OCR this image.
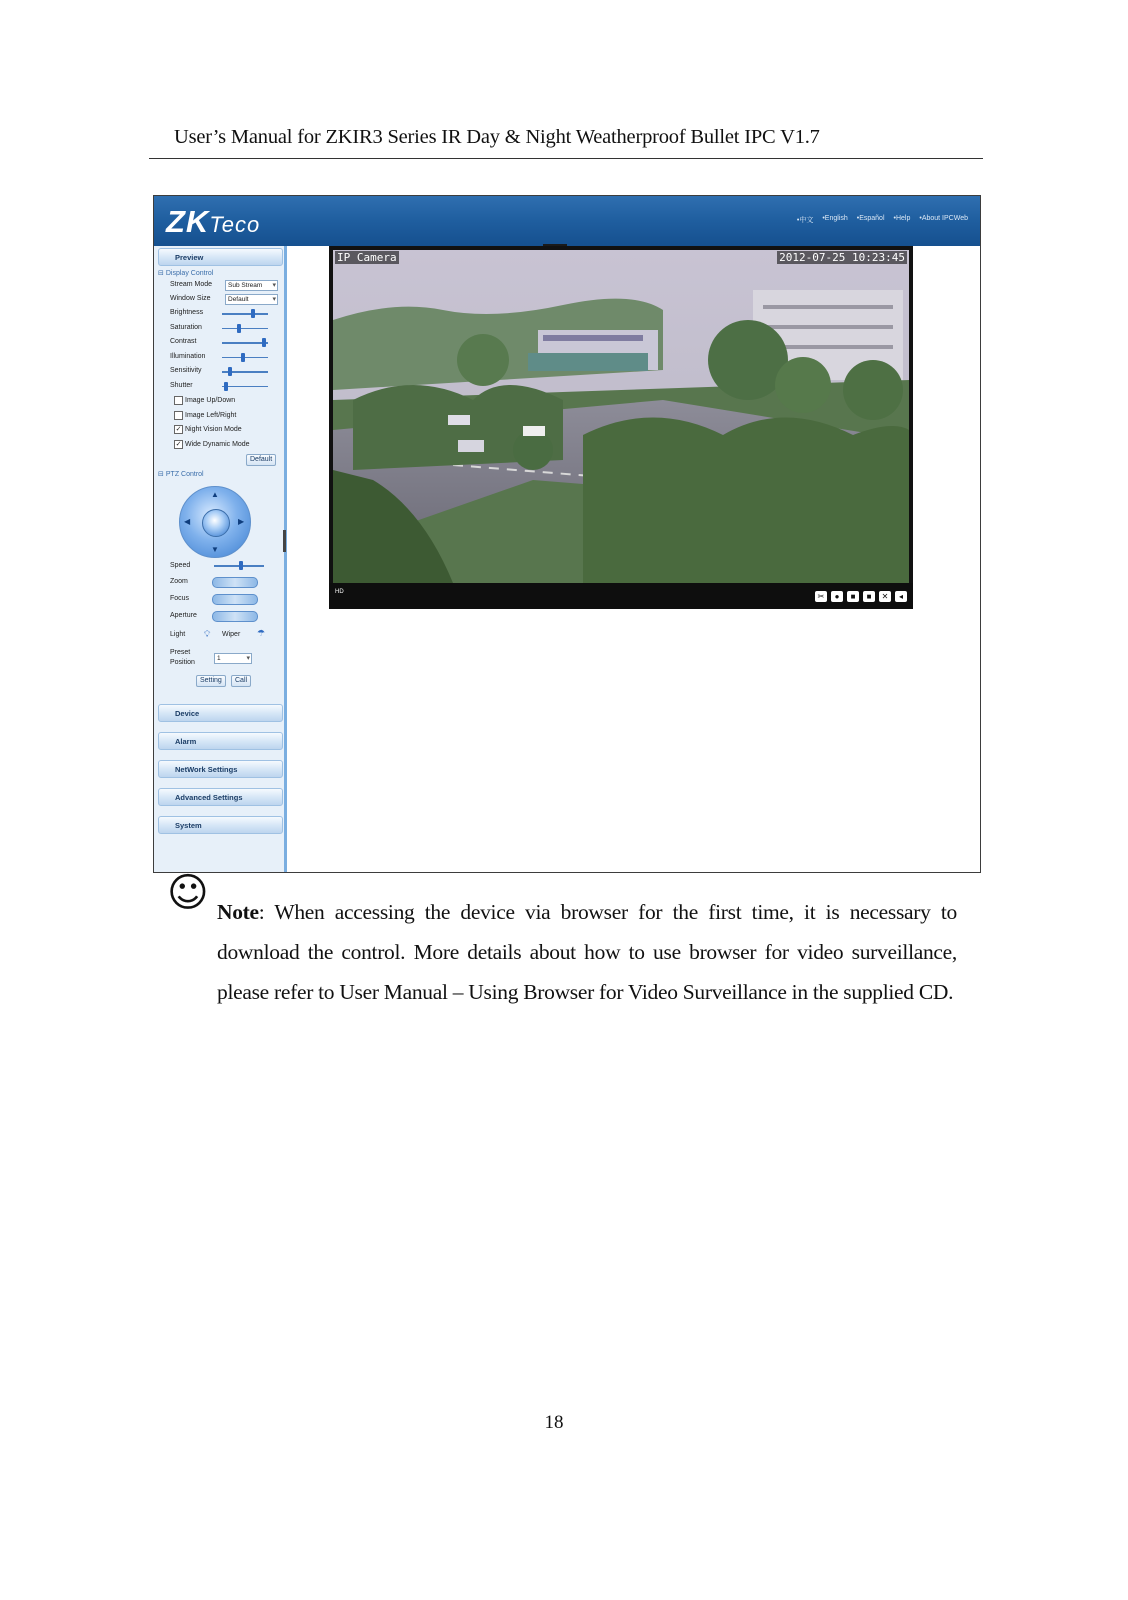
User’s Manual for ZKIR3 Series IR Day & Night Weatherproof Bullet IPC V1.7
ZKTeco	• 中文	• English	• Español	• Help	• About IPCWeb
Preview
⊟ Display Control
Stream Mode	Sub Stream ▾
Window Size	Default ▾
Brightness
Saturation
Contrast
Illumination
Sensitivity
Shutter
Image Up/Down
Image Left/Right
✓ Night Vision Mode
✓ Wide Dynamic Mode
Default
⊟ PTZ Control
▲
▼
◀	▶
Speed
Zoom
Focus
Aperture
Light 💡︎ Wiper ☂
Preset
Position
1 ▾
Setting	Call
Device
Alarm
NetWork Settings
Advanced Settings
System
IP Camera	2012-07-25 10:23:45
HD	✂	●	■	■	✕	◂
☺ Note: When accessing the device via browser for the first time, it is necessary to download the control. More details about how to use browser for video surveillance, please refer to User Manual – Using Browser for Video Surveillance in the supplied CD.
18
